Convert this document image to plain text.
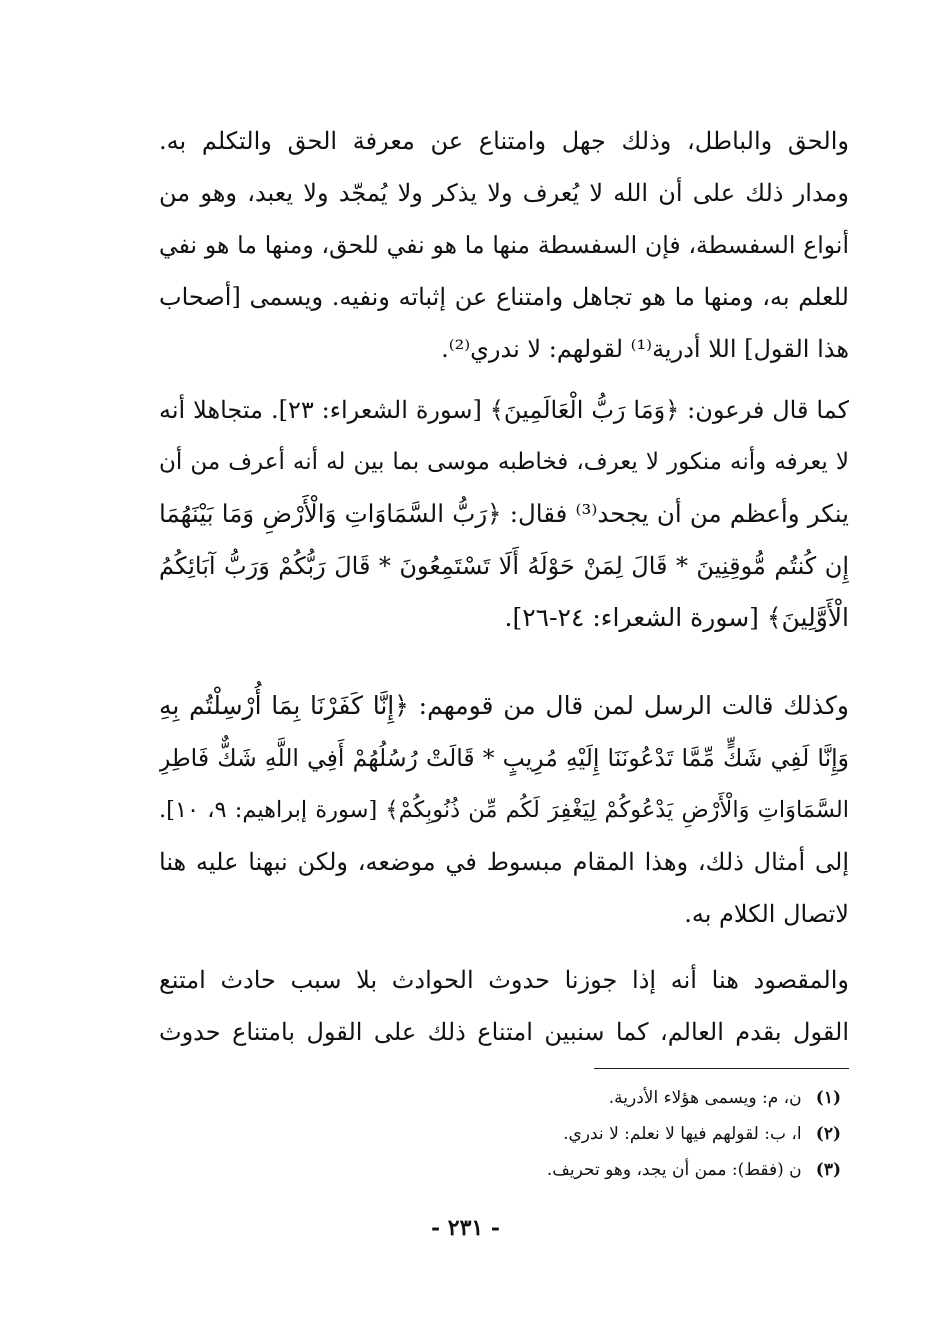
والحق والباطل، وذلك جهل وامتناع عن معرفة الحق والتكلم به.
ومدار ذلك على أن الله لا يُعرف ولا يذكر ولا يُمجّد ولا يعبد، وهو من
أنواع السفسطة، فإن السفسطة منها ما هو نفي للحق، ومنها ما هو نفي
للعلم به، ومنها ما هو تجاهل وامتناع عن إثباته ونفيه. ويسمى [أصحاب
هذا القول] اللا أدرية⁽¹⁾ لقولهم: لا ندري⁽²⁾.
كما قال فرعون: ﴿وَمَا رَبُّ الْعَالَمِينَ﴾ [سورة الشعراء: ٢٣]. متجاهلا أنه
لا يعرفه وأنه منكور لا يعرف، فخاطبه موسى بما بين له أنه أعرف من أن
ينكر وأعظم من أن يجحد⁽³⁾ فقال: ﴿رَبُّ السَّمَاوَاتِ وَالْأَرْضِ وَمَا بَيْنَهُمَا
إِن كُنتُم مُّوقِنِينَ * قَالَ لِمَنْ حَوْلَهُ أَلَا تَسْتَمِعُونَ * قَالَ رَبُّكُمْ وَرَبُّ آبَائِكُمُ
الْأَوَّلِينَ﴾ [سورة الشعراء: ٢٤-٢٦].
وكذلك قالت الرسل لمن قال من قومهم: ﴿إِنَّا كَفَرْنَا بِمَا أُرْسِلْتُم بِهِ
وَإِنَّا لَفِي شَكٍّ مِّمَّا تَدْعُونَنَا إِلَيْهِ مُرِيبٍ * قَالَتْ رُسُلُهُمْ أَفِي اللَّهِ شَكٌّ فَاطِرِ
السَّمَاوَاتِ وَالْأَرْضِ يَدْعُوكُمْ لِيَغْفِرَ لَكُم مِّن ذُنُوبِكُمْ﴾ [سورة إبراهيم: ٩، ١٠].
إلى أمثال ذلك، وهذا المقام مبسوط في موضعه، ولكن نبهنا عليه هنا
لاتصال الكلام به.
والمقصود هنا أنه إذا جوزنا حدوث الحوادث بلا سبب حادث امتنع
القول بقدم العالم، كما سنبين امتناع ذلك على القول بامتناع حدوث
(١) ن، م: ويسمى هؤلاء الأدرية.
(٢) ا، ب: لقولهم فيها لا نعلم: لا ندري.
(٣) ن (فقط): ممن أن يجد، وهو تحريف.
- ٢٣١ -
